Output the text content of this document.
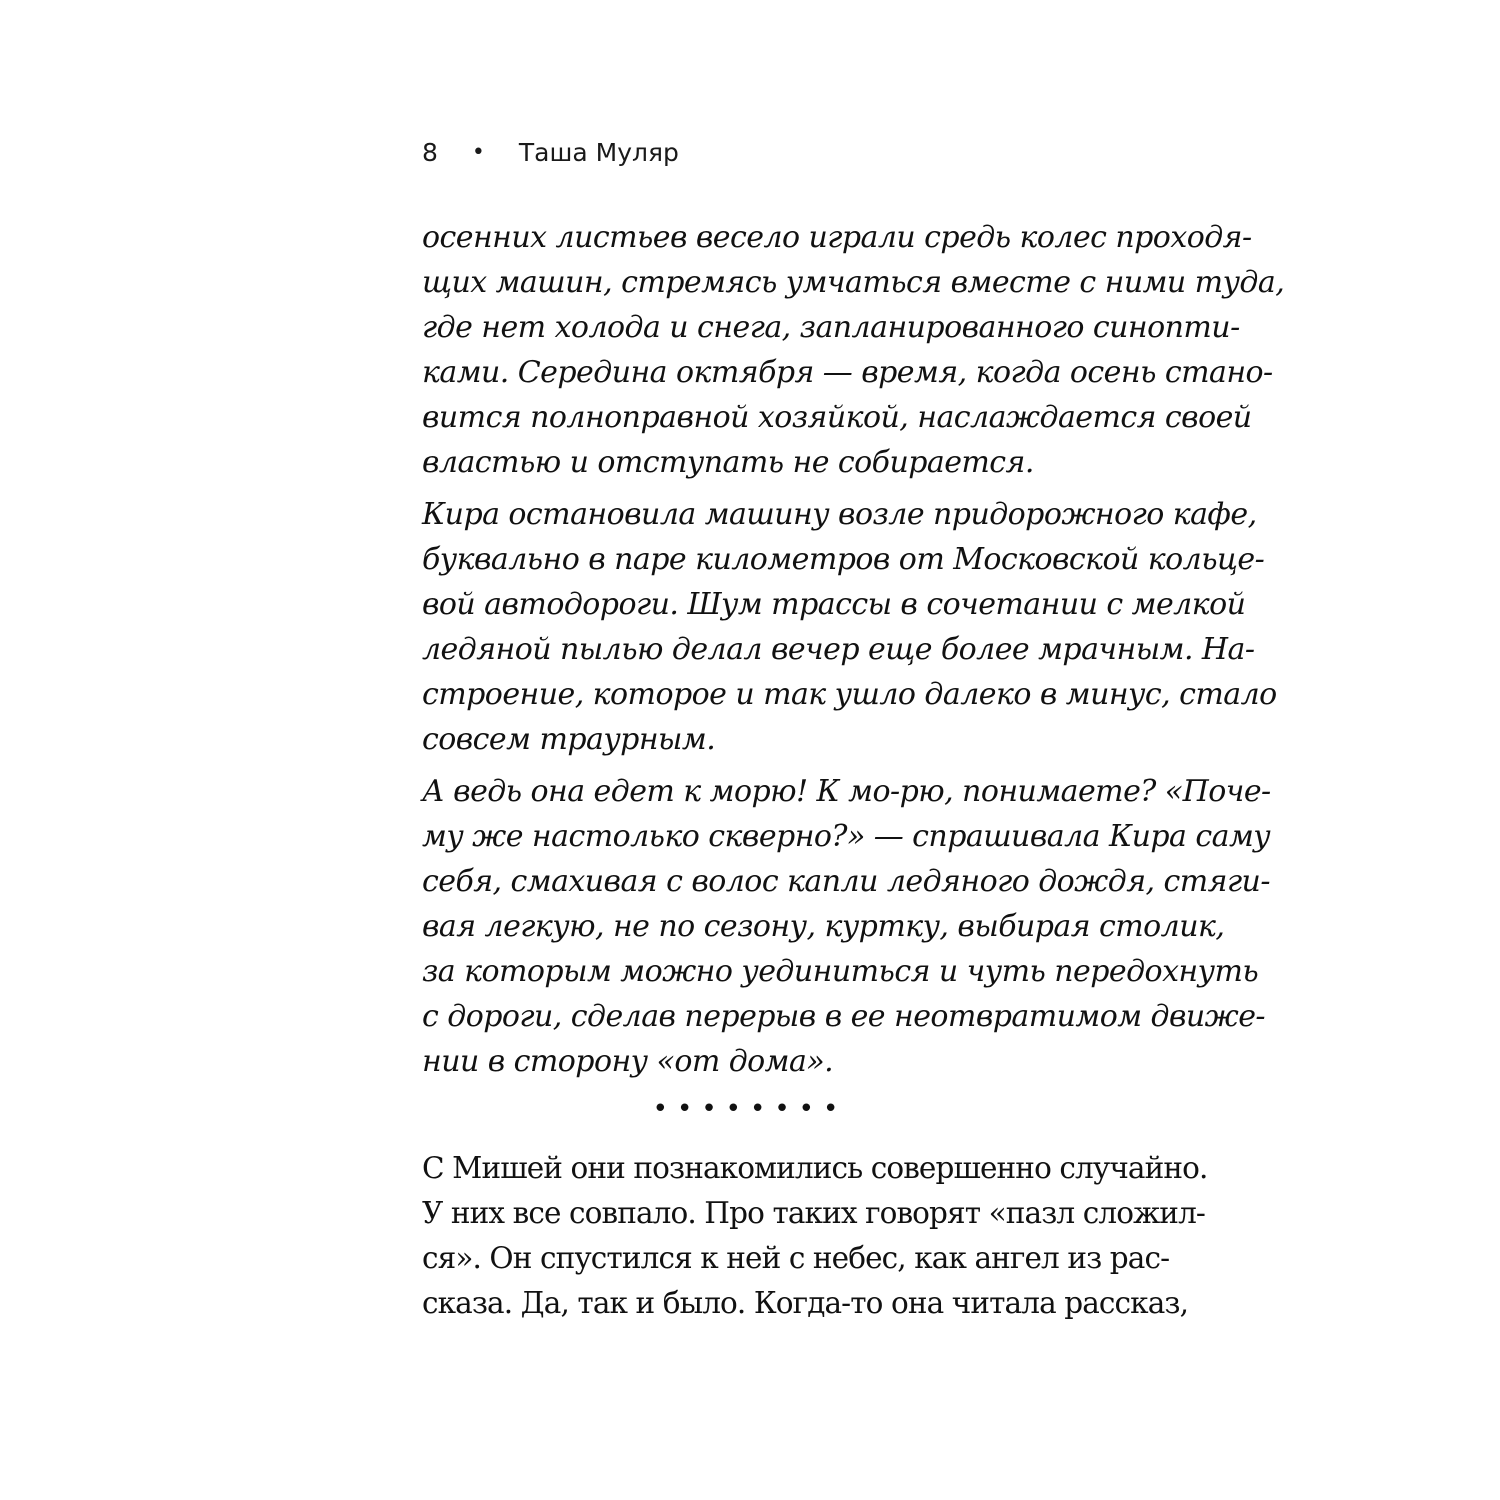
8 • Таша Муляр
осенних листьев весело играли средь колес проходя-
щих машин, стремясь умчаться вместе с ними туда,
где нет холода и снега, запланированного синопти-
ками. Середина октября — время, когда осень стано-
вится полноправной хозяйкой, наслаждается своей
властью и отступать не собирается.
Кира остановила машину возле придорожного кафе,
буквально в паре километров от Московской кольце-
вой автодороги. Шум трассы в сочетании с мелкой
ледяной пылью делал вечер еще более мрачным. На-
строение, которое и так ушло далеко в минус, стало
совсем траурным.
А ведь она едет к морю! К мо-рю, понимаете? «Поче-
му же настолько скверно?» — спрашивала Кира саму
себя, смахивая с волос капли ледяного дождя, стяги-
вая легкую, не по сезону, куртку, выбирая столик,
за которым можно уединиться и чуть передохнуть
с дороги, сделав перерыв в ее неотвратимом движе-
нии в сторону «от дома».
••••••••
С Мишей они познакомились совершенно случайно.
У них все совпало. Про таких говорят «пазл сложил-
ся». Он спустился к ней с небес, как ангел из рас-
сказа. Да, так и было. Когда-то она читала рассказ,
